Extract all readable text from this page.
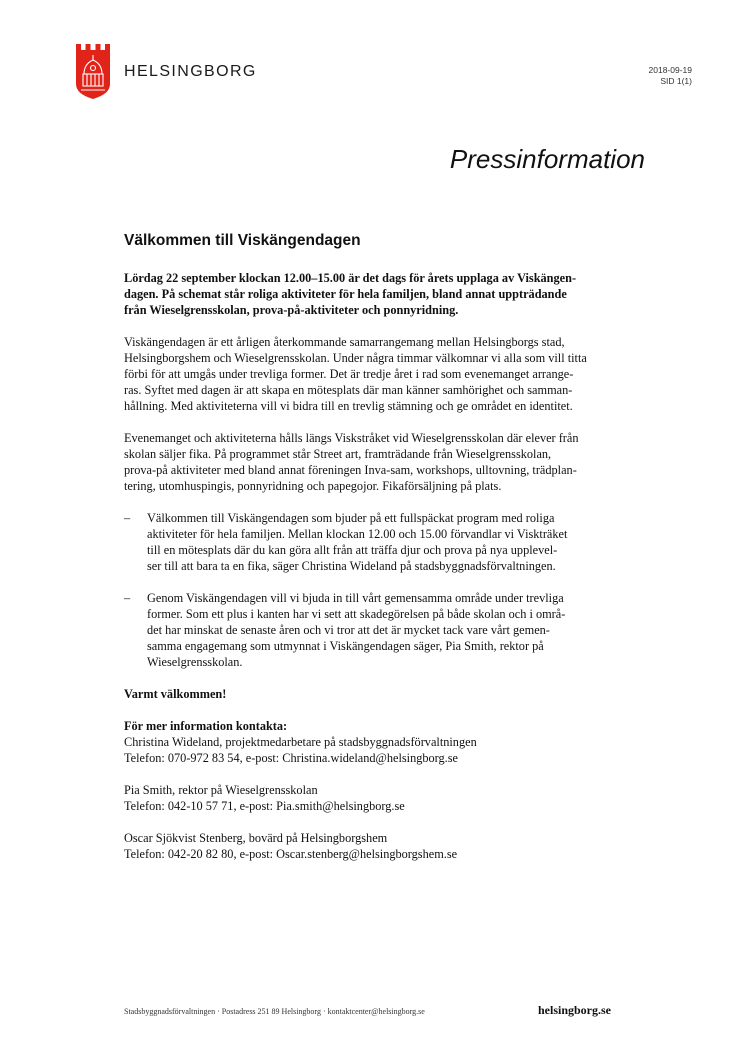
HELSINGBORG	2018-09-19
SID 1(1)
Pressinformation
Välkommen till Viskängendagen

Lördag 22 september klockan 12.00–15.00 är det dags för årets upplaga av Viskängen-
dagen. På schemat står roliga aktiviteter för hela familjen, bland annat uppträdande
från Wieselgrensskolan, prova-på-aktiviteter och ponnyridning.

Viskängendagen är ett årligen återkommande samarrangemang mellan Helsingborgs stad,
Helsingborgshem och Wieselgrensskolan. Under några timmar välkomnar vi alla som vill titta
förbi för att umgås under trevliga former. Det är tredje året i rad som evenemanget arrange-
ras. Syftet med dagen är att skapa en mötesplats där man känner samhörighet och samman-
hållning. Med aktiviteterna vill vi bidra till en trevlig stämning och ge området en identitet.

Evenemanget och aktiviteterna hålls längs Viskstråket vid Wieselgrensskolan där elever från
skolan säljer fika. På programmet står Street art, framträdande från Wieselgrensskolan,
prova-på aktiviteter med bland annat föreningen Inva-sam, workshops, ulltovning, trädplan-
tering, utomhuspingis, ponnyridning och papegojor. Fikaförsäljning på plats.

– Välkommen till Viskängendagen som bjuder på ett fullspäckat program med roliga
aktiviteter för hela familjen. Mellan klockan 12.00 och 15.00 förvandlar vi Viskträket
till en mötesplats där du kan göra allt från att träffa djur och prova på nya upplevel-
ser till att bara ta en fika, säger Christina Wideland på stadsbyggnadsförvaltningen.

– Genom Viskängendagen vill vi bjuda in till vårt gemensamma område under trevliga
former. Som ett plus i kanten har vi sett att skadegörelsen på både skolan och i områ-
det har minskat de senaste åren och vi tror att det är mycket tack vare vårt gemen-
samma engagemang som utmynnat i Viskängendagen säger, Pia Smith, rektor på
Wieselgrensskolan.

Varmt välkommen!

För mer information kontakta:
Christina Wideland, projektmedarbetare på stadsbyggnadsförvaltningen
Telefon: 070-972 83 54, e-post: Christina.wideland@helsingborg.se

Pia Smith, rektor på Wieselgrensskolan
Telefon: 042-10 57 71, e-post: Pia.smith@helsingborg.se

Oscar Sjökvist Stenberg, bovärd på Helsingborgshem
Telefon: 042-20 82 80, e-post: Oscar.stenberg@helsingborgshem.se

Stadsbyggnadsförvaltningen · Postadress 251 89 Helsingborg · kontaktcenter@helsingborg.se	helsingborg.se
